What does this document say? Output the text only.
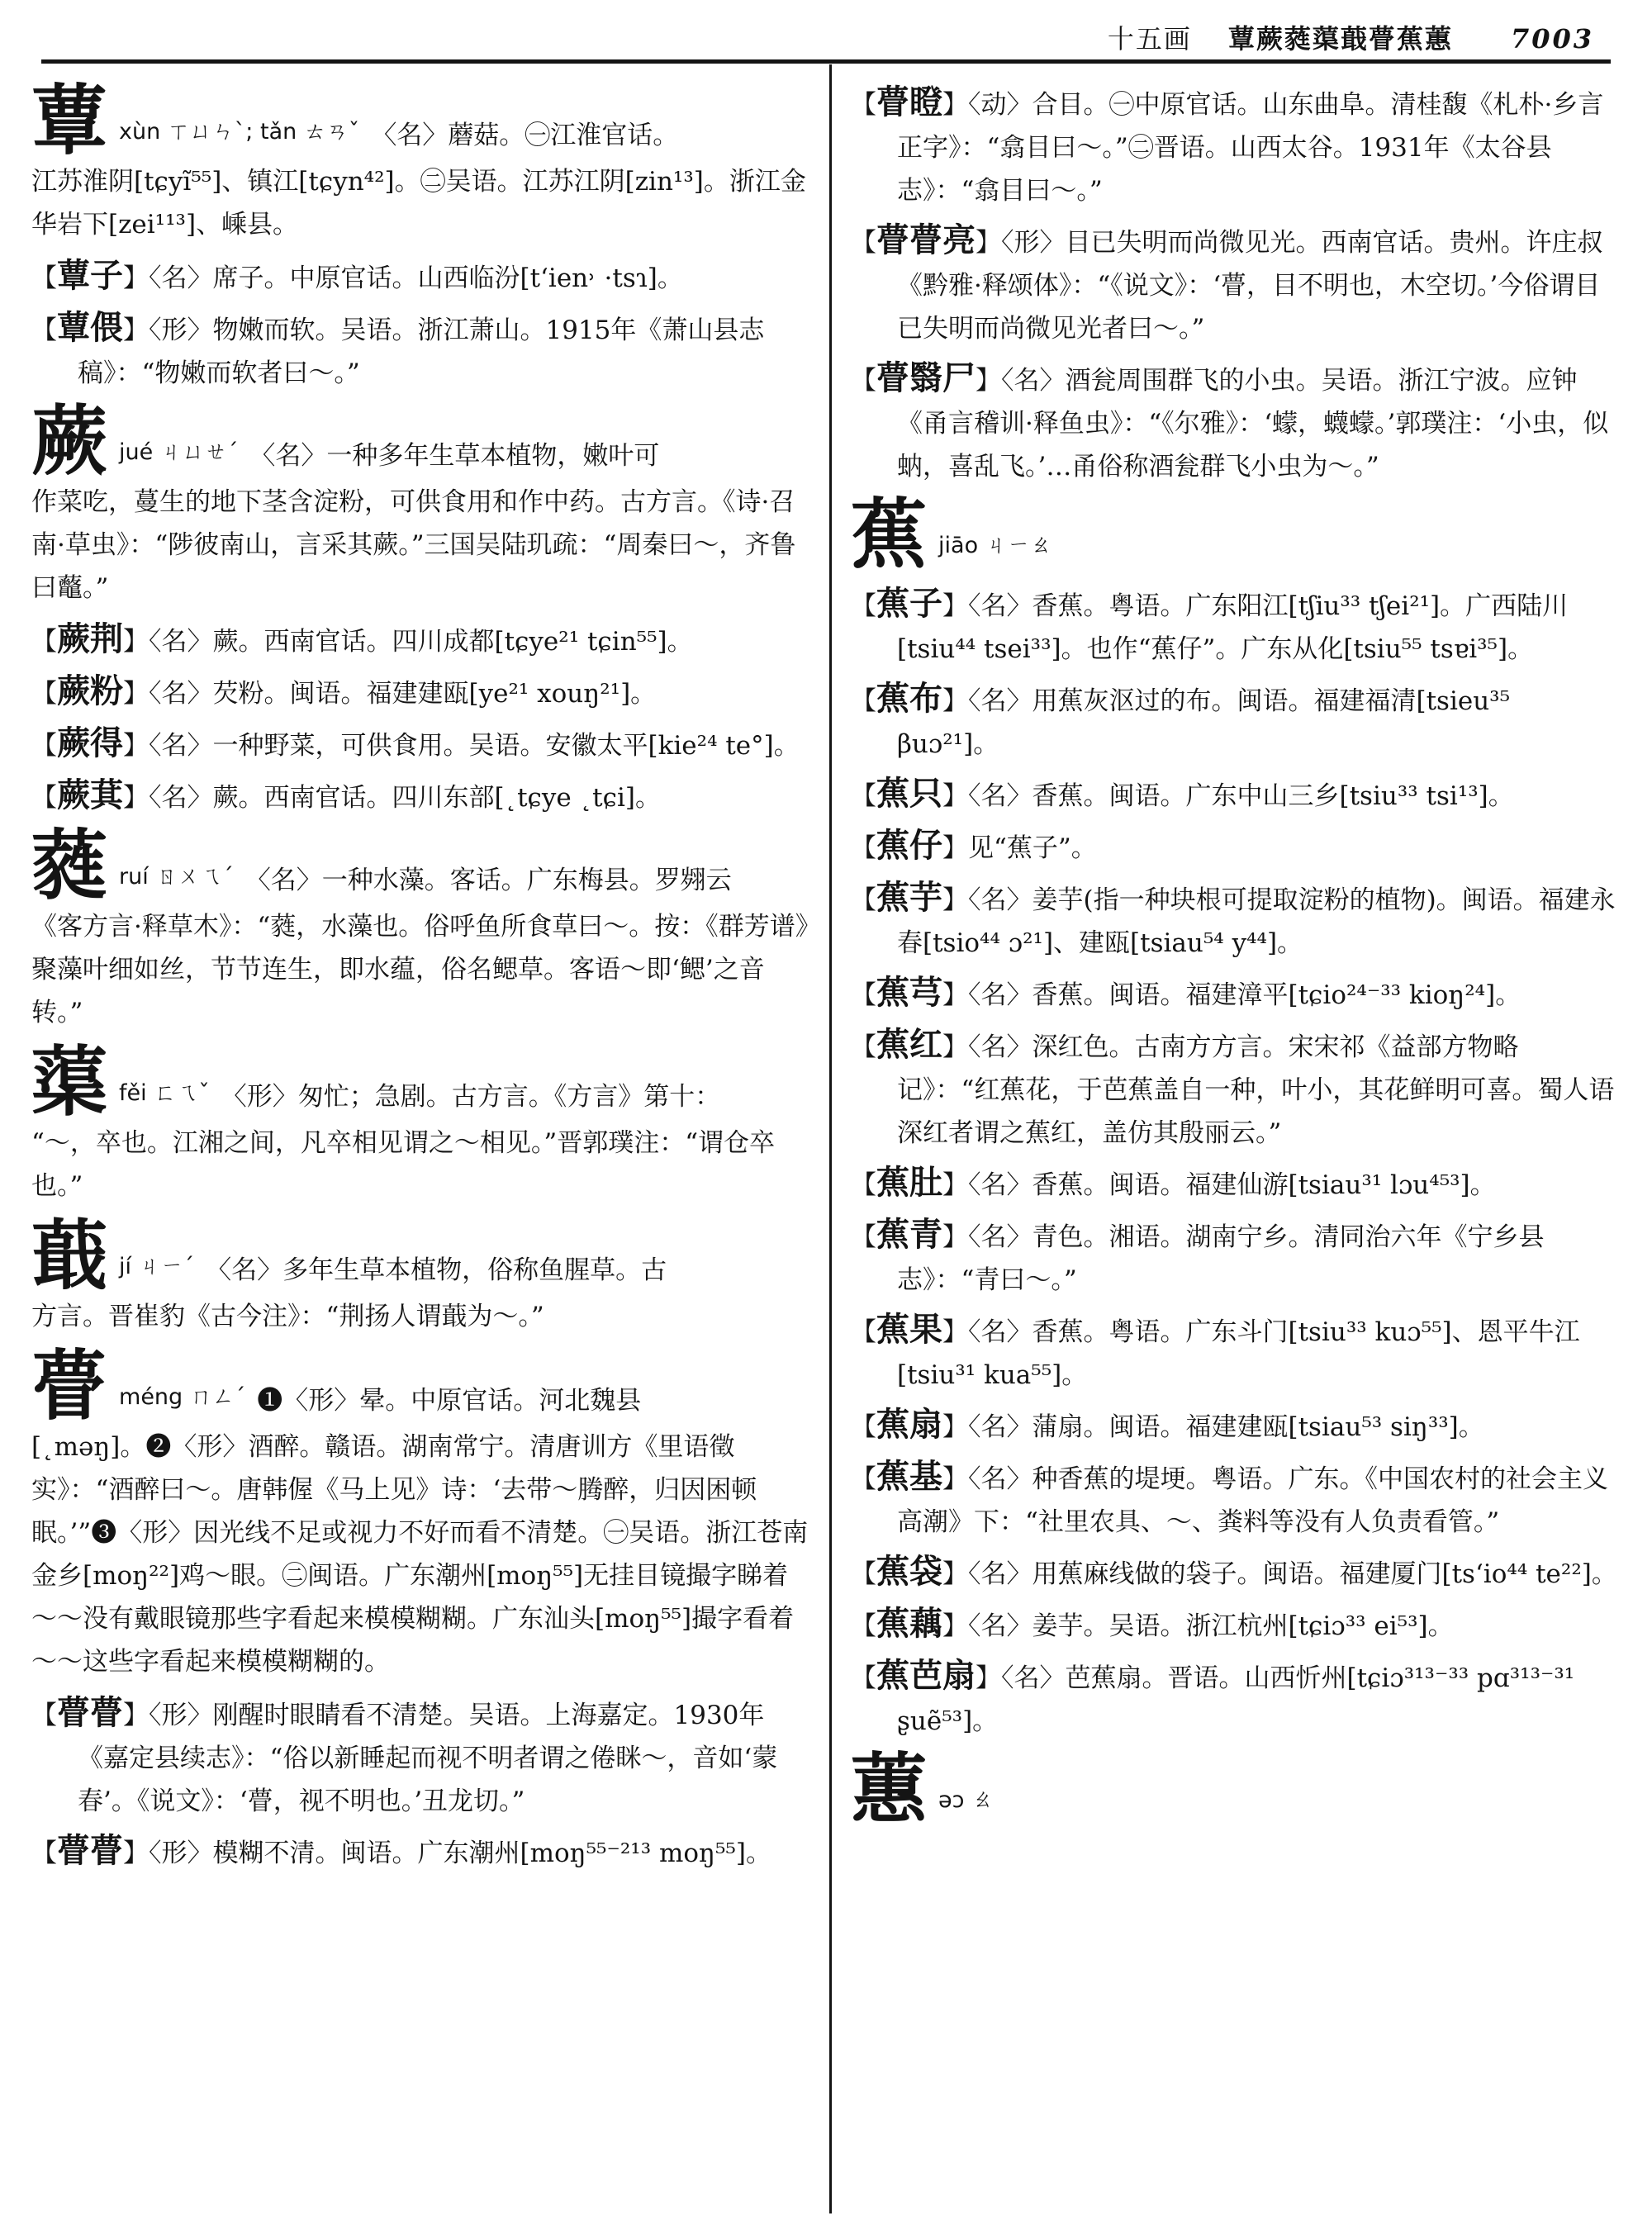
十五画 蕈蕨蕤蕖蕺瞢蕉蕙 7003
蕈 xùn ㄒㄩㄣˋ; tǎn ㄊㄢˇ 〈名〉蘑菇。㊀江淮官话。
江苏淮阴[tɕyĩ⁵⁵]、镇江[tɕyn⁴²]。㊁吴语。江苏江阴[zin¹³]。浙江金华岩下[zei¹¹³]、嵊县。
【蕈子】〈名〉席子。中原官话。山西临汾[tʻien˒ ·tsɿ]。
【蕈偎】〈形〉物嫩而软。吴语。浙江萧山。1915年《萧山县志稿》：“物嫩而软者曰～。”
蕨 jué ㄐㄩㄝˊ 〈名〉一种多年生草本植物，嫩叶可
作菜吃，蔓生的地下茎含淀粉，可供食用和作中药。古方言。《诗·召南·草虫》：“陟彼南山，言采其蕨。”三国吴陆玑疏：“周秦曰～，齐鲁曰虌。”
【蕨荆】〈名〉蕨。西南官话。四川成都[tɕye²¹ tɕin⁵⁵]。
【蕨粉】〈名〉芡粉。闽语。福建建瓯[ye²¹ xouŋ²¹]。
【蕨得】〈名〉一种野菜，可供食用。吴语。安徽太平[kie²⁴ te°]。
【蕨萁】〈名〉蕨。西南官话。四川东部[˛tɕye ˛tɕi]。
蕤 ruí ㄖㄨㄟˊ 〈名〉一种水藻。客话。广东梅县。罗翙云
《客方言·释草木》：“蕤，水藻也。俗呼鱼所食草曰～。按：《群芳谱》聚藻叶细如丝，节节连生，即水蕴，俗名鳃草。客语～即‘鳃’之音转。”
蕖 fěi ㄈㄟˇ 〈形〉匆忙；急剧。古方言。《方言》第十：
“～，卒也。江湘之间，凡卒相见谓之～相见。”晋郭璞注：“谓仓卒也。”
蕺 jí ㄐㄧˊ 〈名〉多年生草本植物，俗称鱼腥草。古
方言。晋崔豹《古今注》：“荆扬人谓蕺为～。”
瞢 méng ㄇㄥˊ ❶〈形〉晕。中原官话。河北魏县
[˛məŋ]。❷〈形〉酒醉。赣语。湖南常宁。清唐训方《里语徵实》：“酒醉曰～。唐韩偓《马上见》诗：‘去带～腾醉，归因困顿眠。’”❸〈形〉因光线不足或视力不好而看不清楚。㊀吴语。浙江苍南金乡[moŋ²²]鸡～眼。㊁闽语。广东潮州[moŋ⁵⁵]无挂目镜撮字睇着～～没有戴眼镜那些字看起来模模糊糊。广东汕头[moŋ⁵⁵]撮字看着～～这些字看起来模模糊糊的。
【瞢瞢】〈形〉刚醒时眼睛看不清楚。吴语。上海嘉定。1930年《嘉定县续志》：“俗以新睡起而视不明者谓之倦眯～，音如‘蒙春’。《说文》：‘瞢，视不明也。’丑龙切。”
【瞢瞢】〈形〉模糊不清。闽语。广东潮州[moŋ⁵⁵⁻²¹³ moŋ⁵⁵]。
【瞢瞪】〈动〉合目。㊀中原官话。山东曲阜。清桂馥《札朴·乡言正字》：“翕目曰～。”㊁晋语。山西太谷。1931年《太谷县志》：“翕目曰～。”
【瞢瞢亮】〈形〉目已失明而尚微见光。西南官话。贵州。许庄叔《黔雅·释颂体》：“《说文》：‘瞢，目不明也，木空切。’今俗谓目已失明而尚微见光者曰～。”
【瞢翳尸】〈名〉酒瓮周围群飞的小虫。吴语。浙江宁波。应钟《甬言稽训·释鱼虫》：“《尔雅》：‘蠓，蠛蠓。’郭璞注：‘小虫，似蚋，喜乱飞。’…甬俗称酒瓮群飞小虫为～。”
蕉 jiāo ㄐㄧㄠ
【蕉子】〈名〉香蕉。粤语。广东阳江[tʃiu³³ tʃei²¹]。广西陆川[tsiu⁴⁴ tsei³³]。也作“蕉仔”。广东从化[tsiu⁵⁵ tsɐi³⁵]。
【蕉布】〈名〉用蕉灰沤过的布。闽语。福建福清[tsieu³⁵ βuɔ²¹]。
【蕉只】〈名〉香蕉。闽语。广东中山三乡[tsiu³³ tsi¹³]。
【蕉仔】见“蕉子”。
【蕉芋】〈名〉姜芋(指一种块根可提取淀粉的植物)。闽语。福建永春[tsio⁴⁴ ɔ²¹]、建瓯[tsiau⁵⁴ y⁴⁴]。
【蕉芎】〈名〉香蕉。闽语。福建漳平[tɕio²⁴⁻³³ kioŋ²⁴]。
【蕉红】〈名〉深红色。古南方方言。宋宋祁《益部方物略记》：“红蕉花，于芭蕉盖自一种，叶小，其花鲜明可喜。蜀人语深红者谓之蕉红，盖仿其殷丽云。”
【蕉肚】〈名〉香蕉。闽语。福建仙游[tsiau³¹ lɔu⁴⁵³]。
【蕉青】〈名〉青色。湘语。湖南宁乡。清同治六年《宁乡县志》：“青曰～。”
【蕉果】〈名〉香蕉。粤语。广东斗门[tsiu³³ kuɔ⁵⁵]、恩平牛江[tsiu³¹ kua⁵⁵]。
【蕉扇】〈名〉蒲扇。闽语。福建建瓯[tsiau⁵³ siŋ³³]。
【蕉基】〈名〉种香蕉的堤埂。粤语。广东。《中国农村的社会主义高潮》下：“社里农具、～、粪料等没有人负责看管。”
【蕉袋】〈名〉用蕉麻线做的袋子。闽语。福建厦门[tsʻio⁴⁴ te²²]。
【蕉藕】〈名〉姜芋。吴语。浙江杭州[tɕiɔ³³ ei⁵³]。
【蕉芭扇】〈名〉芭蕉扇。晋语。山西忻州[tɕiɔ³¹³⁻³³ pɑ³¹³⁻³¹ ʂuẽ⁵³]。
蕙 ǝɔ ㄠ
